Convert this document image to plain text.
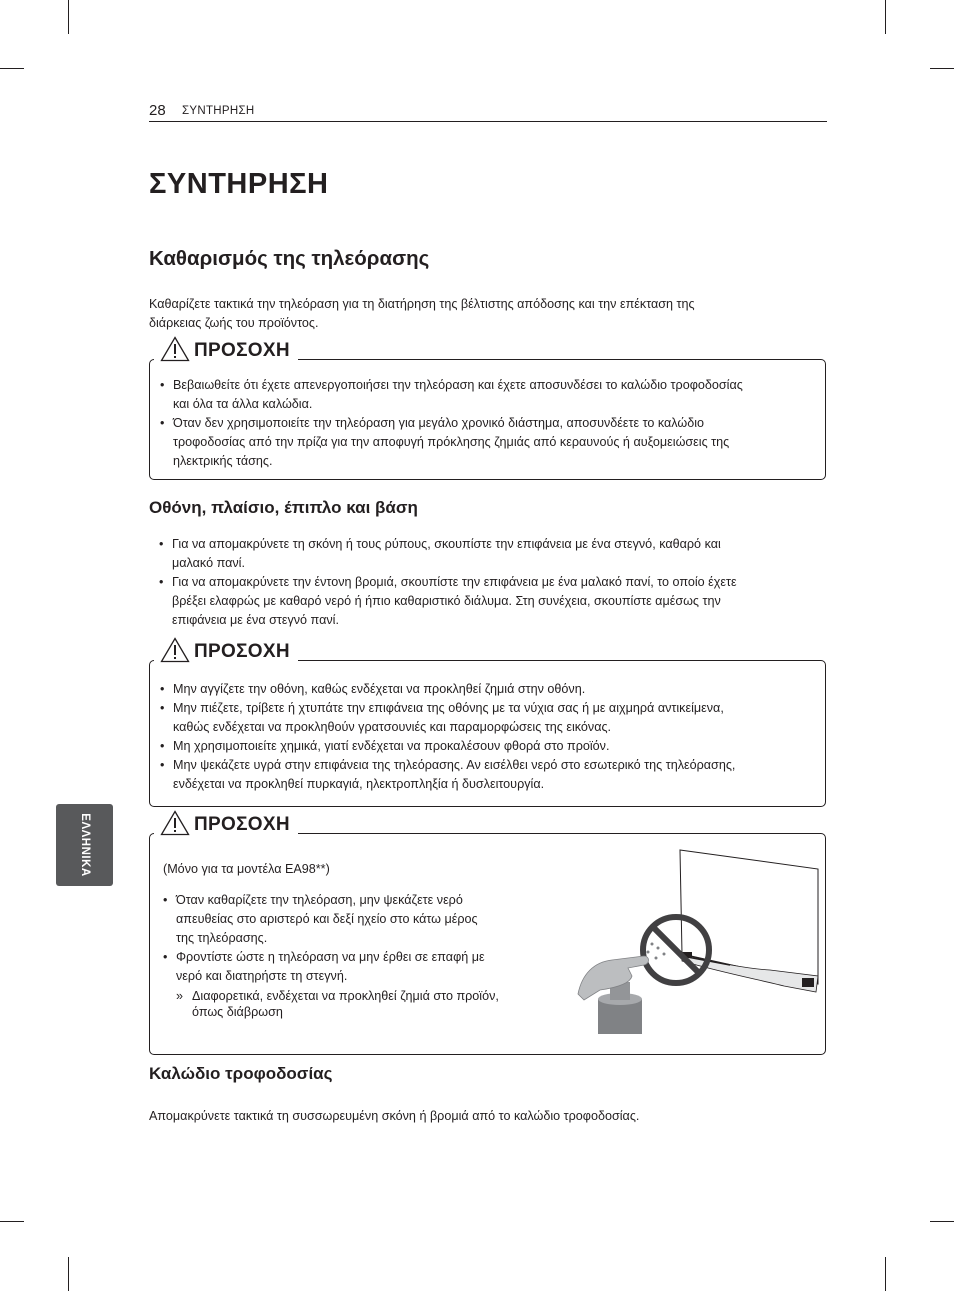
28 ΣΥΝΤΗΡΗΣΗ
ΣΥΝΤΗΡΗΣΗ
Καθαρισμός της τηλεόρασης

Καθαρίζετε τακτικά την τηλεόραση για τη διατήρηση της βέλτιστης απόδοσης και την επέκταση της
διάρκειας ζωής του προϊόντος.

ΠΡΟΣΟΧΗ
• Βεβαιωθείτε ότι έχετε απενεργοποιήσει την τηλεόραση και έχετε αποσυνδέσει το καλώδιο τροφοδοσίας
και όλα τα άλλα καλώδια.
• Όταν δεν χρησιμοποιείτε την τηλεόραση για μεγάλο χρονικό διάστημα, αποσυνδέετε το καλώδιο
τροφοδοσίας από την πρίζα για την αποφυγή πρόκλησης ζημιάς από κεραυνούς ή αυξομειώσεις της
ηλεκτρικής τάσης.
Οθόνη, πλαίσιο, έπιπλο και βάση
• Για να απομακρύνετε τη σκόνη ή τους ρύπους, σκουπίστε την επιφάνεια με ένα στεγνό, καθαρό και
μαλακό πανί.
• Για να απομακρύνετε την έντονη βρομιά, σκουπίστε την επιφάνεια με ένα μαλακό πανί, το οποίο έχετε
βρέξει ελαφρώς με καθαρό νερό ή ήπιο καθαριστικό διάλυμα. Στη συνέχεια, σκουπίστε αμέσως την
επιφάνεια με ένα στεγνό πανί.
ΠΡΟΣΟΧΗ
• Μην αγγίζετε την οθόνη, καθώς ενδέχεται να προκληθεί ζημιά στην οθόνη.
• Μην πιέζετε, τρίβετε ή χτυπάτε την επιφάνεια της οθόνης με τα νύχια σας ή με αιχμηρά αντικείμενα,
καθώς ενδέχεται να προκληθούν γρατσουνιές και παραμορφώσεις της εικόνας.
• Μη χρησιμοποιείτε χημικά, γιατί ενδέχεται να προκαλέσουν φθορά στο προϊόν.
• Μην ψεκάζετε υγρά στην επιφάνεια της τηλεόρασης. Αν εισέλθει νερό στο εσωτερικό της τηλεόρασης,
ενδέχεται να προκληθεί πυρκαγιά, ηλεκτροπληξία ή δυσλειτουργία.
ΕΛΛΗΝΙΚΑ	ΠΡΟΣΟΧΗ

(Μόνο για τα μοντέλα EA98**)

• Όταν καθαρίζετε την τηλεόραση, μην ψεκάζετε νερό
απευθείας στο αριστερό και δεξί ηχείο στο κάτω μέρος
της τηλεόρασης.
• Φροντίστε ώστε η τηλεόραση να μην έρθει σε επαφή με
νερό και διατηρήστε τη στεγνή.
» Διαφορετικά, ενδέχεται να προκληθεί ζημιά στο προϊόν,
όπως διάβρωση
Καλώδιο τροφοδοσίας

Απομακρύνετε τακτικά τη συσσωρευμένη σκόνη ή βρομιά από το καλώδιο τροφοδοσίας.
